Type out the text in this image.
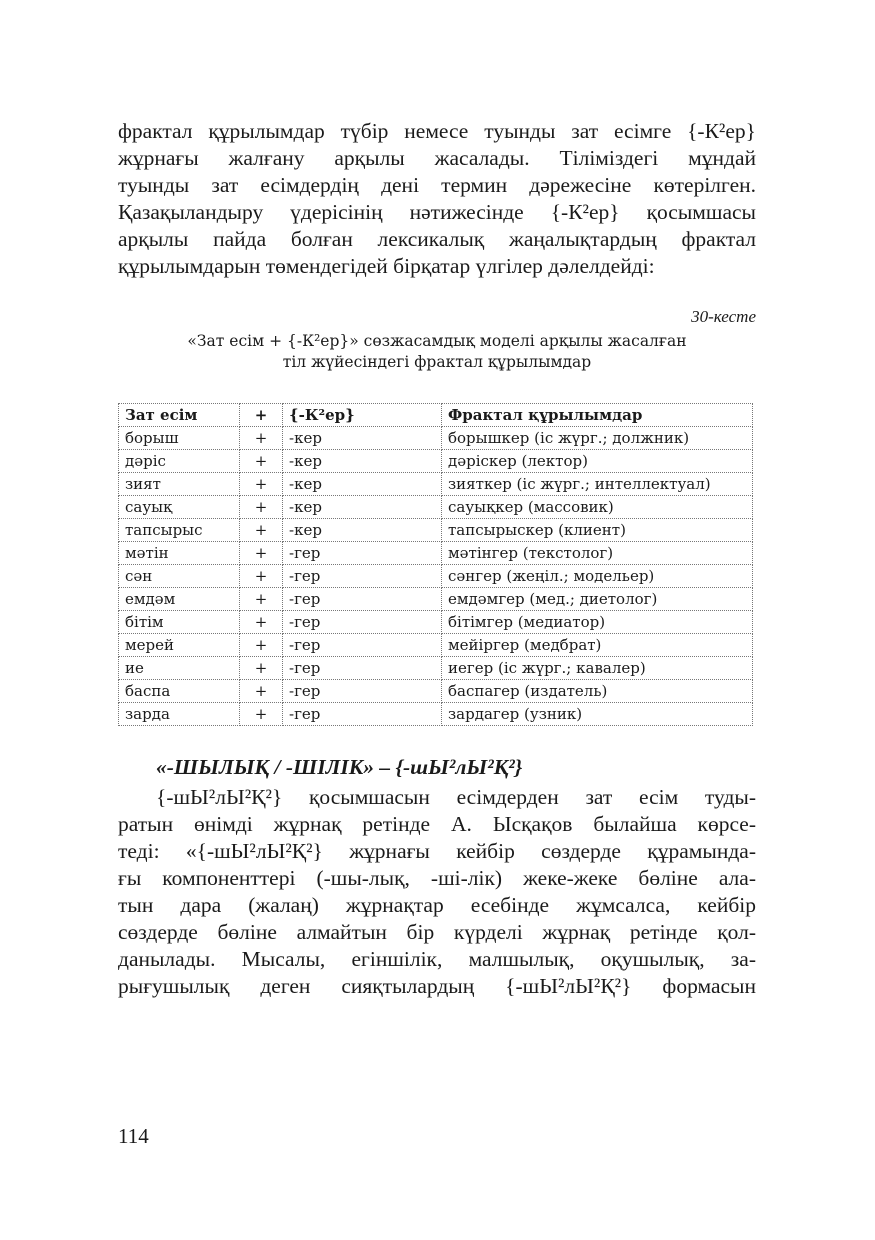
фрактал құрылымдар түбір немесе туынды зат есімге {-К²ер}
жұрнағы жалғану арқылы жасалады. Тіліміздегі мұндай
туынды зат есімдердің дені термин дәрежесіне көтерілген.
Қазақыландыру үдерісінің нәтижесінде {-К²ер} қосымшасы
арқылы пайда болған лексикалық жаңалықтардың фрактал
құрылымдарын төмендегідей бірқатар үлгілер дәлелдейді:
30-кесте
«Зат есім + {-К²ер}» сөзжасамдық моделі арқылы жасалған
тіл жүйесіндегі фрактал құрылымдар
Зат есім	+	{-К²ер}	Фрактал құрылымдар
борыш	+	-кер	борышкер (іс жүрг.; должник)
дәріс	+	-кер	дәріскер (лектор)
зият	+	-кер	зияткер (іс жүрг.; интеллектуал)
сауық	+	-кер	сауықкер (массовик)
тапсырыс	+	-кер	тапсырыскер (клиент)
мәтін	+	-гер	мәтінгер (текстолог)
сән	+	-гер	сәнгер (жеңіл.; модельер)
емдәм	+	-гер	емдәмгер (мед.; диетолог)
бітім	+	-гер	бітімгер (медиатор)
мерей	+	-гер	мейіргер (медбрат)
ие	+	-гер	иегер (іс жүрг.; кавалер)
баспа	+	-гер	баспагер (издатель)
зарда	+	-гер	зардагер (узник)
«-ШЫЛЫҚ / -ШІЛІК» – {-шЫ²лЫ²Қ²}
{-шЫ²лЫ²Қ²} қосымшасын есімдерден зат есім туды-
ратын өнімді жұрнақ ретінде А. Ысқақов былайша көрсе-
теді: «{-шЫ²лЫ²Қ²} жұрнағы кейбір сөздерде құрамында-
ғы компоненттері (-шы-лық, -ші-лік) жеке-жеке бөліне ала-
тын дара (жалаң) жұрнақтар есебінде жұмсалса, кейбір
сөздерде бөліне алмайтын бір күрделі жұрнақ ретінде қол-
данылады. Мысалы, егіншілік, малшылық, оқушылық, за-
рығушылық деген сияқтылардың {-шЫ²лЫ²Қ²} формасын
114
